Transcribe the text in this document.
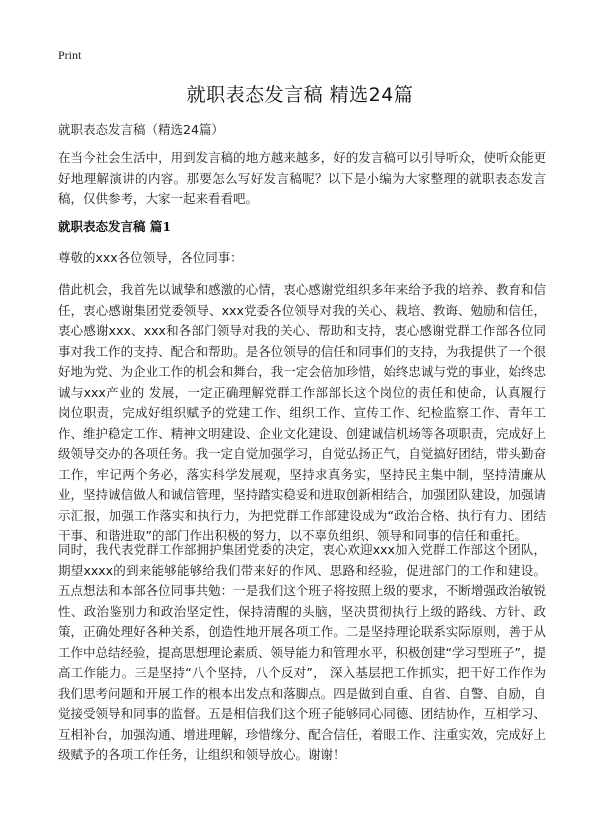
Print
就职表态发言稿 精选24篇
就职表态发言稿（精选24篇）

在当今社会生活中，用到发言稿的地方越来越多，好的发言稿可以引导听众，使听众能更好地理解演讲的内容。那要怎么写好发言稿呢？以下是小编为大家整理的就职表态发言稿，仅供参考，大家一起来看看吧。

就职表态发言稿 篇1
尊敬的xxx各位领导，各位同事：

借此机会，我首先以诚挚和感激的心情，衷心感谢党组织多年来给予我的培养、教育和信任，衷心感谢集团党委领导、xxx党委各位领导对我的关心、栽培、教诲、勉励和信任，衷心感谢xxx、xxx和各部门领导对我的关心、帮助和支持，衷心感谢党群工作部各位同事对我工作的支持、配合和帮助。是各位领导的信任和同事们的支持，为我提供了一个很好地为党、为企业工作的机会和舞台，我一定会倍加珍惜，始终忠诚与党的事业，始终忠诚与xxx产业的 发展，一定正确理解党群工作部部长这个岗位的责任和使命，认真履行岗位职责，完成好组织赋予的党建工作、组织工作、宣传工作、纪检监察工作、青年工作、维护稳定工作、精神文明建设、企业文化建设、创建诚信机场等各项职责，完成好上级领导交办的各项任务。我一定自觉加强学习，自觉弘扬正气，自觉搞好团结，带头勤奋工作，牢记两个务必，落实科学发展观，坚持求真务实，坚持民主集中制，坚持清廉从业，坚持诚信做人和诚信管理，坚持踏实稳妥和进取创新相结合，加强团队建设，加强请示汇报，加强工作落实和执行力，为把党群工作部建设成为“政治合格、执行有力、团结干事、和谐进取”的部门作出积极的努力，以不辜负组织、领导和同事的信任和重托。

同时，我代表党群工作部拥护集团党委的决定，衷心欢迎xxx加入党群工作部这个团队，期望xxxx的到来能够能够给我们带来好的作风、思路和经验，促进部门的工作和建设。五点想法和本部各位同事共勉：一是我们这个班子将按照上级的要求，不断增强政治敏锐性、政治鉴别力和政治坚定性，保持清醒的头脑，坚决贯彻执行上级的路线、方针、政策，正确处理好各种关系，创造性地开展各项工作。二是坚持理论联系实际原则，善于从工作中总结经验，提高思想理论素质、领导能力和管理水平，积极创建“学习型班子”，提高工作能力。三是坚持“八个坚持，八个反对”， 深入基层把工作抓实，把干好工作作为我们思考问题和开展工作的根本出发点和落脚点。四是做到自重、自省、自警、自励，自觉接受领导和同事的监督。五是相信我们这个班子能够同心同德、团结协作，互相学习、互相补台，加强沟通、增进理解，珍惜缘分、配合信任，着眼工作、注重实效，完成好上级赋予的各项工作任务，让组织和领导放心。谢谢！
